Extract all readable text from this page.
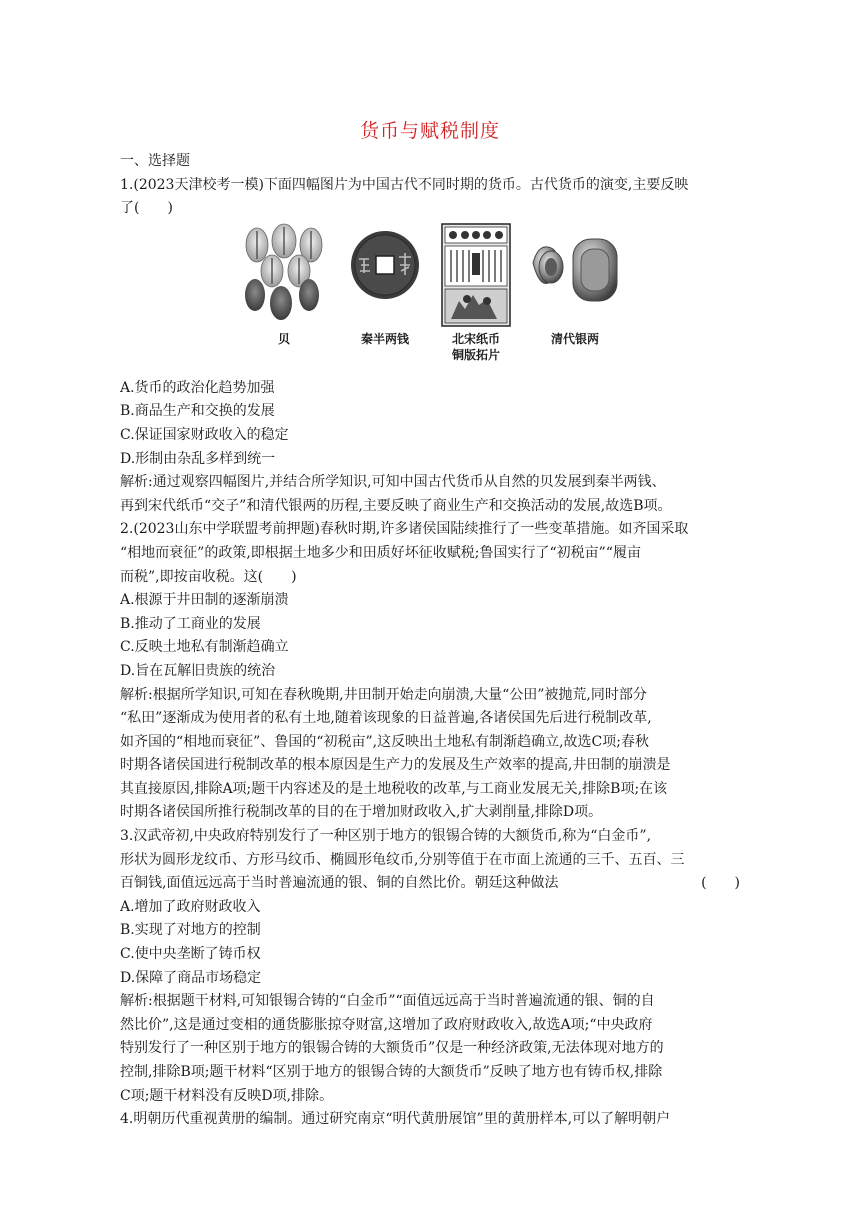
货币与赋税制度

一、选择题

1.(2023天津校考一模)下面四幅图片为中国古代不同时期的货币。古代货币的演变,主要反映

了(　　)

贝	秦半两钱	北宋纸币
铜版拓片
清代银两

A.货币的政治化趋势加强

B.商品生产和交换的发展

C.保证国家财政收入的稳定

D.形制由杂乱多样到统一

解析:通过观察四幅图片,并结合所学知识,可知中国古代货币从自然的贝发展到秦半两钱、

再到宋代纸币“交子”和清代银两的历程,主要反映了商业生产和交换活动的发展,故选B项。

2.(2023山东中学联盟考前押题)春秋时期,许多诸侯国陆续推行了一些变革措施。如齐国采取

“相地而衰征”的政策,即根据土地多少和田质好坏征收赋税;鲁国实行了“初税亩”“履亩

而税”,即按亩收税。这(　　)

A.根源于井田制的逐渐崩溃

B.推动了工商业的发展

C.反映土地私有制渐趋确立

D.旨在瓦解旧贵族的统治

解析:根据所学知识,可知在春秋晚期,井田制开始走向崩溃,大量“公田”被抛荒,同时部分

“私田”逐渐成为使用者的私有土地,随着该现象的日益普遍,各诸侯国先后进行税制改革,

如齐国的“相地而衰征”、鲁国的“初税亩”,这反映出土地私有制渐趋确立,故选C项;春秋

时期各诸侯国进行税制改革的根本原因是生产力的发展及生产效率的提高,井田制的崩溃是

其直接原因,排除A项;题干内容述及的是土地税收的改革,与工商业发展无关,排除B项;在该

时期各诸侯国所推行税制改革的目的在于增加财政收入,扩大剥削量,排除D项。

3.汉武帝初,中央政府特别发行了一种区别于地方的银锡合铸的大额货币,称为“白金币”,

形状为圆形龙纹币、方形马纹币、椭圆形龟纹币,分别等值于在市面上流通的三千、五百、三

百铜钱,面值远远高于当时普遍流通的银、铜的自然比价。朝廷这种做法	(　　)

A.增加了政府财政收入

B.实现了对地方的控制

C.使中央垄断了铸币权

D.保障了商品市场稳定

解析:根据题干材料,可知银锡合铸的“白金币”“面值远远高于当时普遍流通的银、铜的自

然比价”,这是通过变相的通货膨胀掠夺财富,这增加了政府财政收入,故选A项;“中央政府

特别发行了一种区别于地方的银锡合铸的大额货币”仅是一种经济政策,无法体现对地方的

控制,排除B项;题干材料“区别于地方的银锡合铸的大额货币”反映了地方也有铸币权,排除

C项;题干材料没有反映D项,排除。

4.明朝历代重视黄册的编制。通过研究南京“明代黄册展馆”里的黄册样本,可以了解明朝户
